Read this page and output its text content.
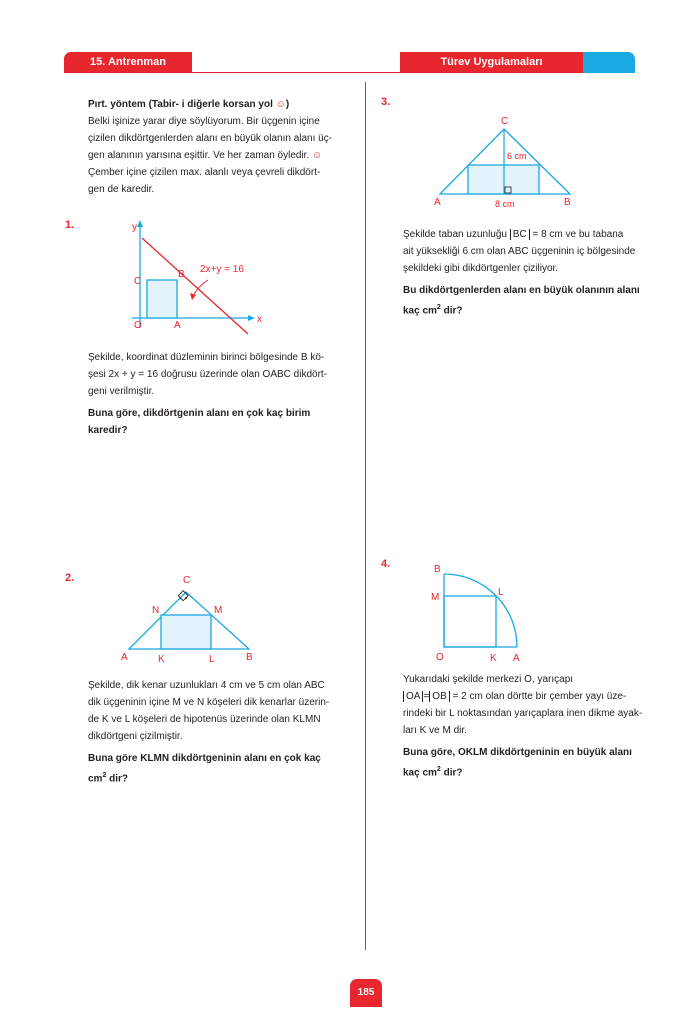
15. Antrenman	Türev Uygulamaları
Pırt. yöntem (Tabir- i diğerle korsan yol ☺)
Belki işinize yarar diye söylüyorum. Bir üçgenin içine
çizilen dikdörtgenlerden alanı en büyük olanın alanı üç-
gen alanının yarısına eşittir. Ve her zaman öyledir. ☺
Çember içine çizilen max. alanlı veya çevreli dikdört-
gen de karedir.
1.	y
x
C
B
O	A
2x+y = 16
Şekilde, koordinat düzleminin birinci bölgesinde B kö-
şesi 2x + y = 16 doğrusu üzerinde olan OABC dikdört-
geni verilmiştir.
Buna göre, dikdörtgenin alanı en çok kaç birim
karedir?
2.	C
N	M
A	K	L	B
Şekilde, dik kenar uzunlukları 4 cm ve 5 cm olan ABC
dik üçgeninin içine M ve N köşeleri dik kenarlar üzerin-
de K ve L köşeleri de hipotenüs üzerinde olan KLMN
dikdörtgeni çizilmiştir.
Buna göre KLMN dikdörtgeninin alanı en çok kaç
$cm^2$ dir?
3.
C
A	B
6 cm
8 cm
Şekilde taban uzunluğu BC = 8 cm ve bu tabana
ait yüksekliği 6 cm olan ABC üçgeninin iç bölgesinde
şekildeki gibi dikdörtgenler çiziliyor.
Bu dikdörtgenlerden alanı en büyük olanının alanı
kaç $cm^2$ dir?
4.	B
M	L
O	K A
Yukarıdaki şekilde merkezi O, yarıçapı
OA = OB = 2 cm olan dörtte bir çember yayı üze-
rindeki bir L noktasından yarıçaplara inen dikme ayak-
ları K ve M dir.
Buna göre, OKLM dikdörtgeninin en büyük alanı
kaç $cm^2$ dir?
185
